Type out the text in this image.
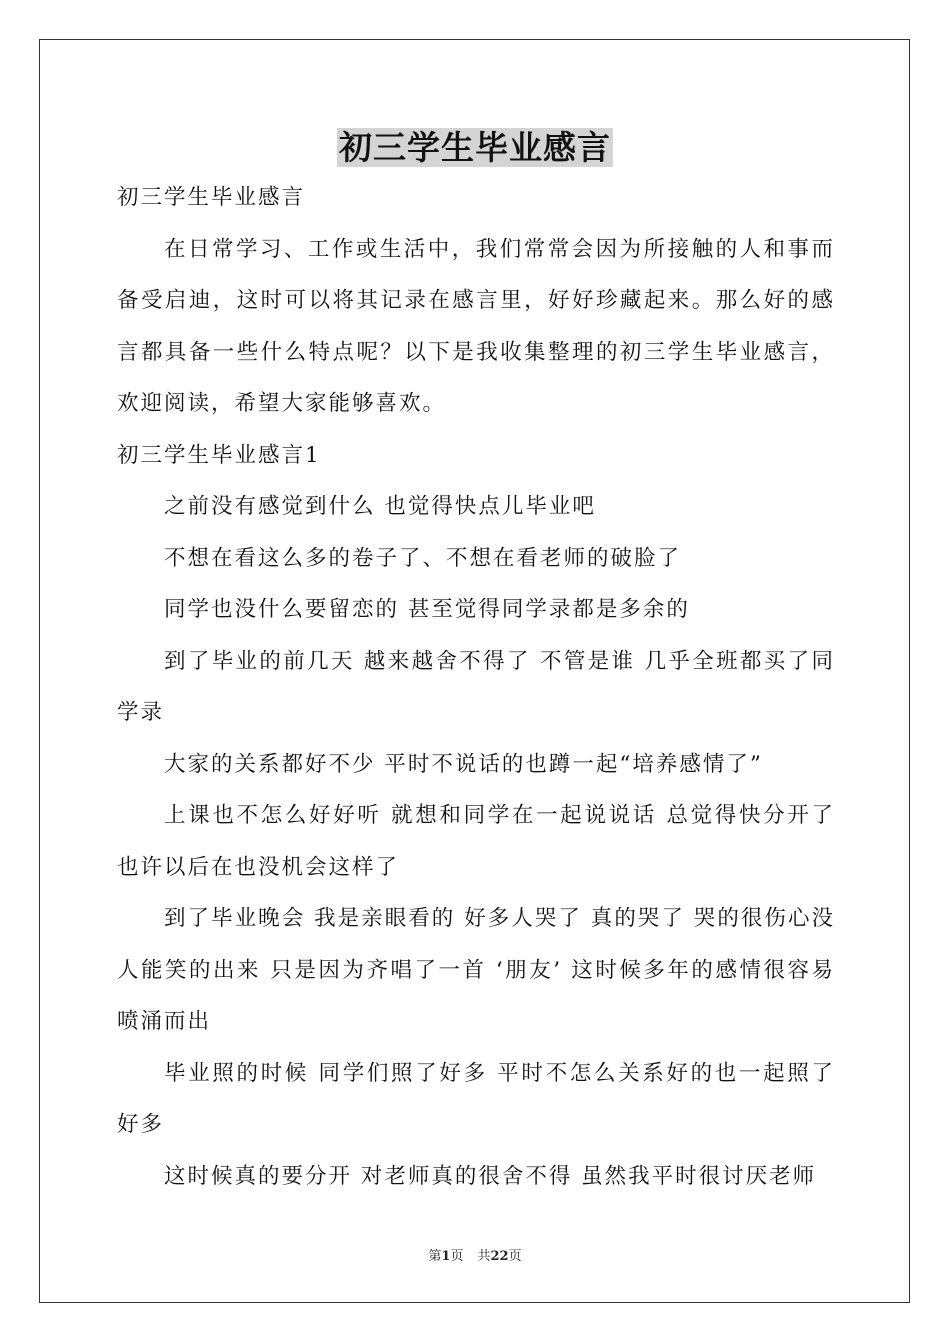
初三学生毕业感言

初三学生毕业感言

在日常学习、工作或生活中，我们常常会因为所接触的人和事而备受启迪，这时可以将其记录在感言里，好好珍藏起来。那么好的感言都具备一些什么特点呢？以下是我收集整理的初三学生毕业感言，欢迎阅读，希望大家能够喜欢。

初三学生毕业感言1

之前没有感觉到什么 也觉得快点儿毕业吧

不想在看这么多的卷子了、不想在看老师的破脸了

同学也没什么要留恋的 甚至觉得同学录都是多余的

到了毕业的前几天 越来越舍不得了 不管是谁 几乎全班都买了同学录

大家的关系都好不少 平时不说话的也蹲一起“培养感情了”

上课也不怎么好好听 就想和同学在一起说说话 总觉得快分开了也许以后在也没机会这样了

到了毕业晚会 我是亲眼看的 好多人哭了 真的哭了 哭的很伤心没人能笑的出来 只是因为齐唱了一首 ‘朋友’ 这时候多年的感情很容易喷涌而出

毕业照的时候 同学们照了好多 平时不怎么关系好的也一起照了好多

这时候真的要分开 对老师真的很舍不得 虽然我平时很讨厌老师

第1页 共22页
